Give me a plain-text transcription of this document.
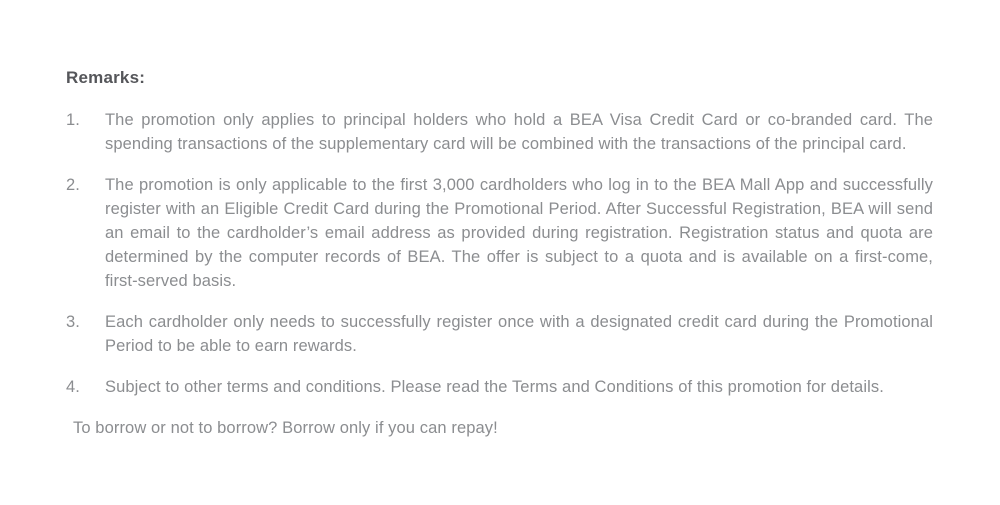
Remarks:
1.	The promotion only applies to principal holders who hold a BEA Visa Credit Card or co-branded card. The spending transactions of the supplementary card will be combined with the transactions of the principal card.
2.	The promotion is only applicable to the first 3,000 cardholders who log in to the BEA Mall App and successfully register with an Eligible Credit Card during the Promotional Period. After Successful Registration, BEA will send an email to the cardholder’s email address as provided during registration. Registration status and quota are determined by the computer records of BEA. The offer is subject to a quota and is available on a first-come, first-served basis.
3.	Each cardholder only needs to successfully register once with a designated credit card during the Promotional Period to be able to earn rewards.
4.	Subject to other terms and conditions. Please read the Terms and Conditions of this promotion for details.

To borrow or not to borrow? Borrow only if you can repay!
